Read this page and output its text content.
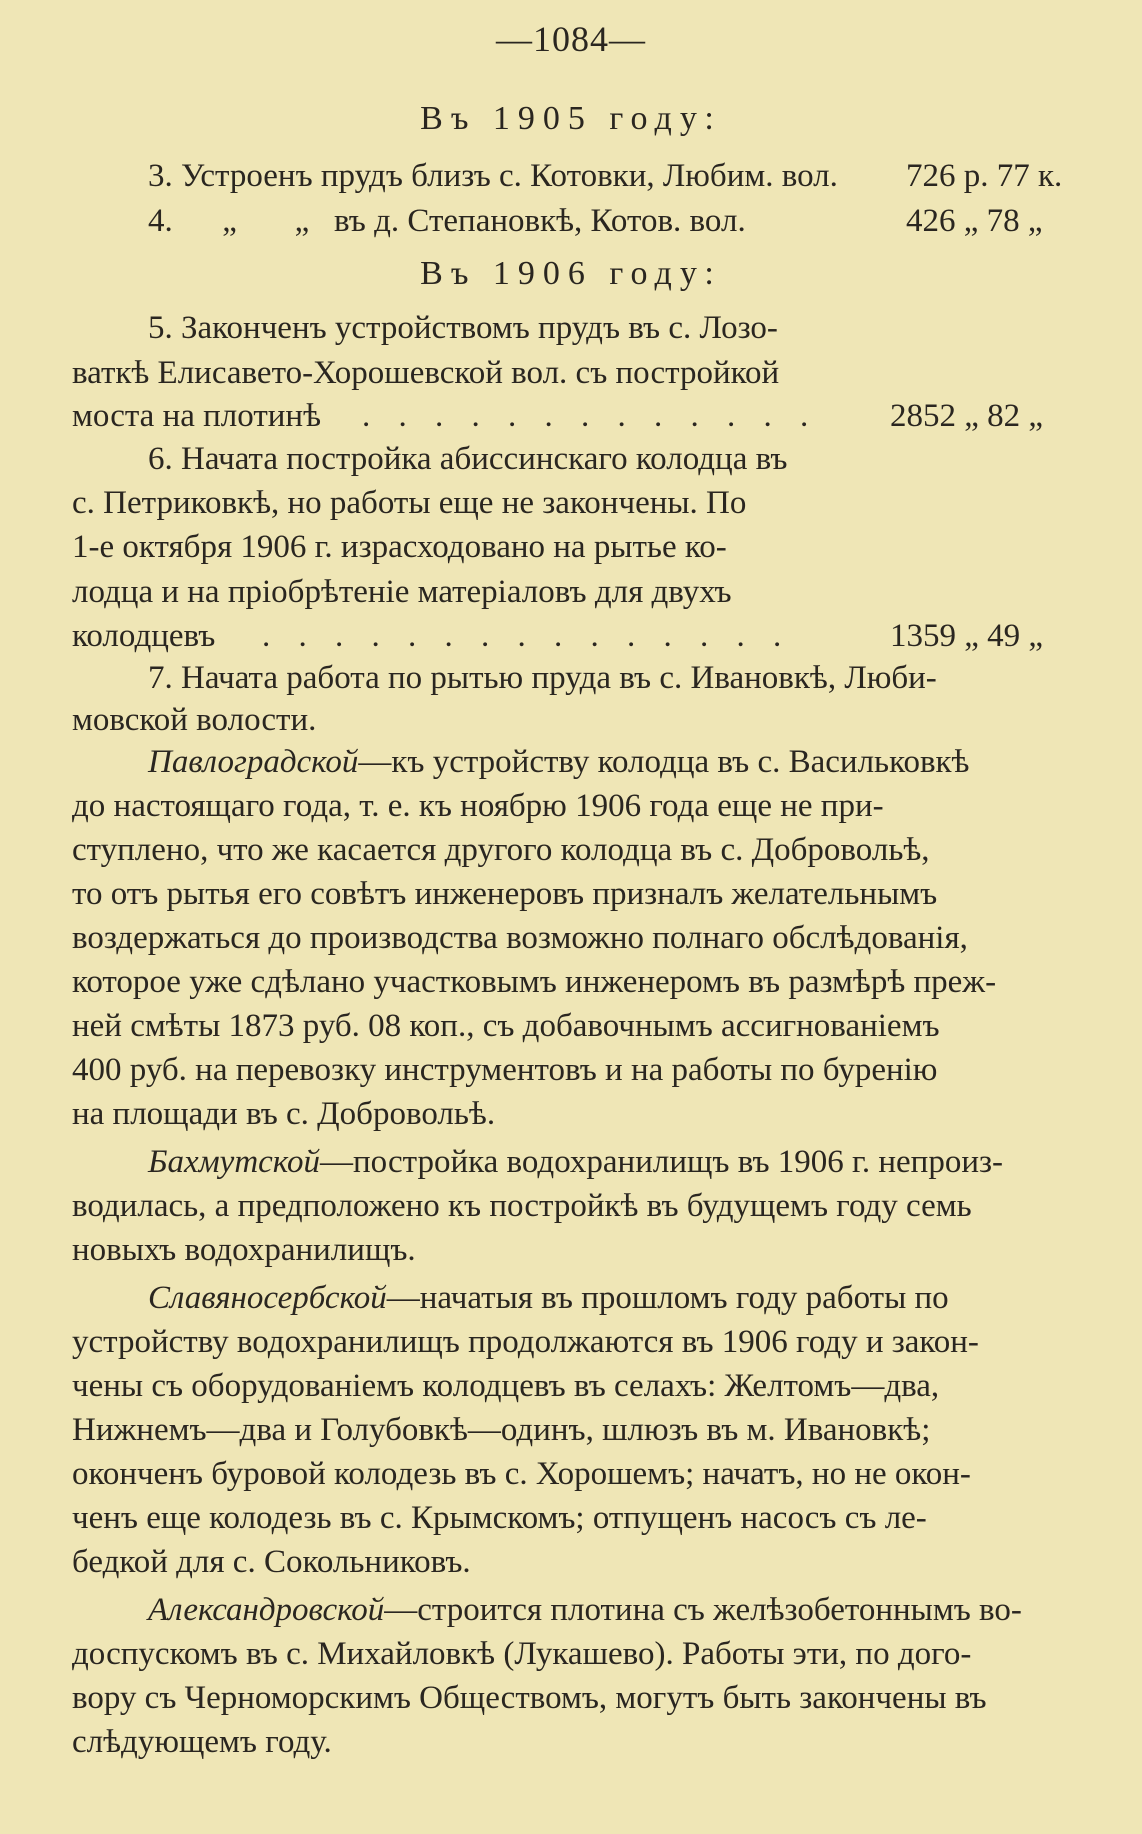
—1084—
Въ 1905 году:
3. Устроенъ прудъ близъ с. Котовки, Любим. вол. 726 р. 77 к.
4.      „       „   въ д. Степановкѣ, Котов. вол.	426 „ 78 „
Въ 1906 году:
5. Законченъ устройствомъ прудъ въ с. Лозо-
ваткѣ Елисавето-Хорошевской вол. съ постройкой
моста на плотинѣ . . . . . . . . . . . . . 2852 „ 82 „
6. Начата постройка абиссинскаго колодца въ
с. Петриковкѣ, но работы еще не закончены. По
1-е октября 1906 г. израсходовано на рытье ко-
лодца и на пріобрѣтеніе матеріаловъ для двухъ
колодцевъ . . . . . . . . . . . . . . .	1359 „ 49 „
7. Начата работа по рытью пруда въ с. Ивановкѣ, Люби-
мовской волости.
Павлоградской—къ устройству колодца въ с. Васильковкѣ
до настоящаго года, т. е. къ ноябрю 1906 года еще не при-
ступлено, что же касается другого колодца въ с. Добровольѣ,
то отъ рытья его совѣтъ инженеровъ призналъ желательнымъ
воздержаться до производства возможно полнаго обслѣдованія,
которое уже сдѣлано участковымъ инженеромъ въ размѣрѣ преж-
ней смѣты 1873 руб. 08 коп., съ добавочнымъ ассигнованіемъ
400 руб. на перевозку инструментовъ и на работы по буренію
на площади въ с. Добровольѣ.
Бахмутской—постройка водохранилищъ въ 1906 г. непроиз-
водилась, а предположено къ постройкѣ въ будущемъ году семь
новыхъ водохранилищъ.
Славяносербской—начатыя въ прошломъ году работы по
устройству водохранилищъ продолжаются въ 1906 году и закон-
чены съ оборудованіемъ колодцевъ въ селахъ: Желтомъ—два,
Нижнемъ—два и Голубовкѣ—одинъ, шлюзъ въ м. Ивановкѣ;
оконченъ буровой колодезь въ с. Хорошемъ; начатъ, но не окон-
ченъ еще колодезь въ с. Крымскомъ; отпущенъ насосъ съ ле-
бедкой для с. Сокольниковъ.
Александровской—строится плотина съ желѣзобетоннымъ во-
доспускомъ въ с. Михайловкѣ (Лукашево). Работы эти, по дого-
вору съ Черноморскимъ Обществомъ, могутъ быть закончены въ
слѣдующемъ году.
